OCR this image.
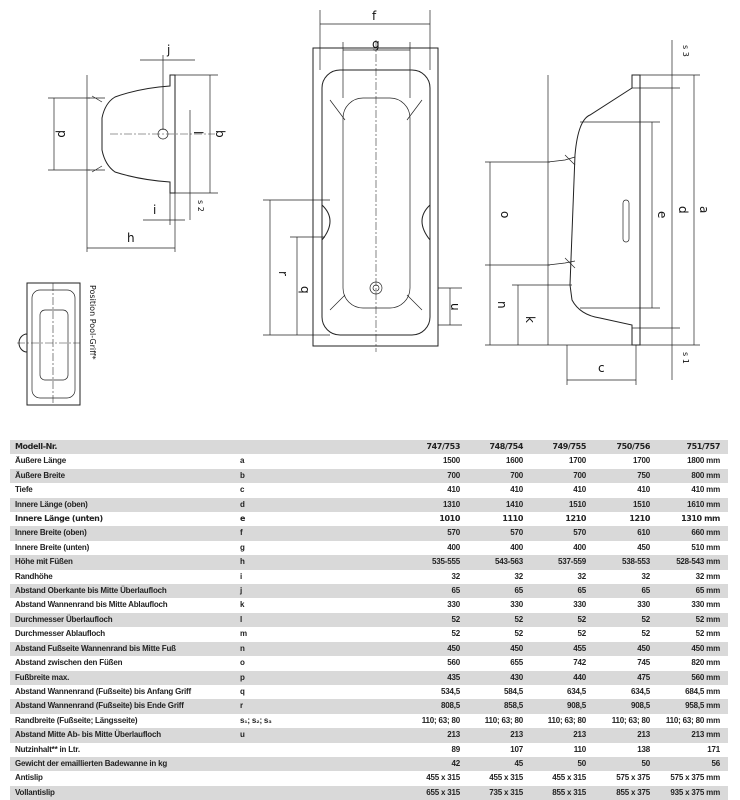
j
p	b
l
i	s 2
h
Position Pool-Griff*
f
g
r
q
u
o
n
k
e
d a
s 3
s 1
c
Modell-Nr.		747/753	748/754	749/755	750/756	751/757
Äußere Länge	a	1500	1600	1700	1700	1800 mm
Äußere Breite	b	700	700	700	750	800 mm
Tiefe	c	410	410	410	410	410 mm
Innere Länge (oben)	d	1310	1410	1510	1510	1610 mm
Innere Länge (unten)	e	1010	1110	1210	1210	1310 mm
Innere Breite (oben)	f	570	570	570	610	660 mm
Innere Breite (unten)	g	400	400	400	450	510 mm
Höhe mit Füßen	h	535-555	543-563	537-559	538-553	528-543 mm
Randhöhe	i	32	32	32	32	32 mm
Abstand Oberkante bis Mitte Überlaufloch	j	65	65	65	65	65 mm
Abstand Wannenrand bis Mitte Ablaufloch	k	330	330	330	330	330 mm
Durchmesser Überlaufloch	l	52	52	52	52	52 mm
Durchmesser Ablaufloch	m	52	52	52	52	52 mm
Abstand Fußseite Wannenrand bis Mitte Fuß	n	450	450	455	450	450 mm
Abstand zwischen den Füßen	o	560	655	742	745	820 mm
Fußbreite max.	p	435	430	440	475	560 mm
Abstand Wannenrand (Fußseite) bis Anfang Griff	q	534,5	584,5	634,5	634,5	684,5 mm
Abstand Wannenrand (Fußseite) bis Ende Griff	r	808,5	858,5	908,5	908,5	958,5 mm
Randbreite (Fußseite; Längsseite)	s₁; s₂; s₃	110; 63; 80	110; 63; 80	110; 63; 80	110; 63; 80	110; 63; 80 mm
Abstand Mitte Ab- bis Mitte Überlaufloch	u	213	213	213	213	213 mm
Nutzinhalt** in Ltr.		89	107	110	138	171
Gewicht der emaillierten Badewanne in kg		42	45	50	50	56
Antislip		455 x 315	455 x 315	455 x 315	575 x 375	575 x 375 mm
Vollantislip		655 x 315	735 x 315	855 x 315	855 x 375	935 x 375 mm
